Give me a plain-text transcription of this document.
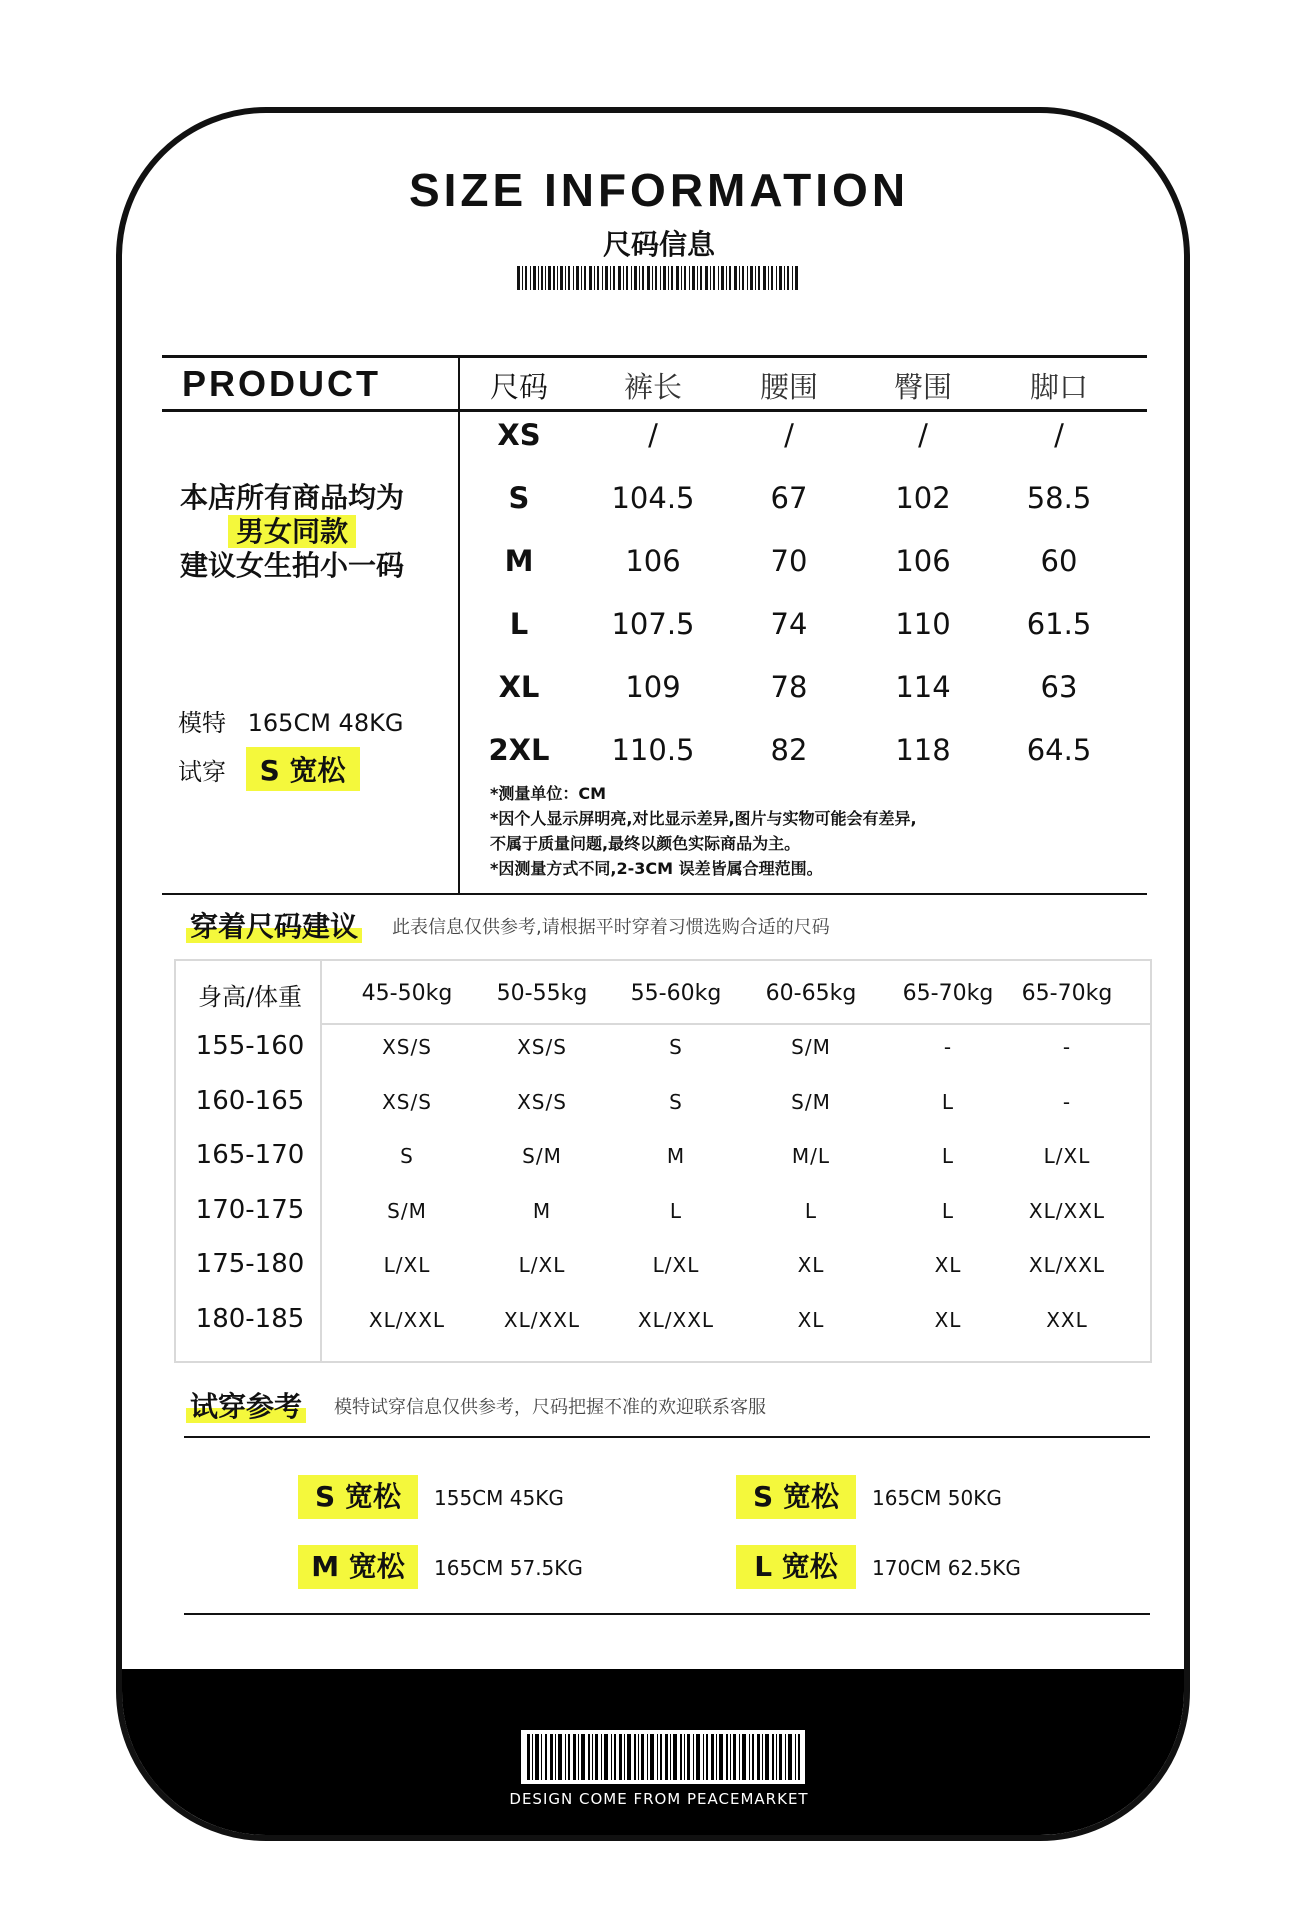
SIZE INFORMATION
尺码信息
PRODUCT	尺码	裤长	腰围	臀围	脚口
XS	/	/	/	/
S	104.5	67	102	58.5
M	106	70	106	60
L	107.5	74	110	61.5
XL	109	78	114	63
2XL	110.5	82	118	64.5
本店所有商品均为
男女同款
建议女生拍小一码
模特 165CM 48KG
试穿 S 宽松
*测量单位：CM
*因个人显示屏明亮,对比显示差异,图片与实物可能会有差异,
不属于质量问题,最终以颜色实际商品为主。
*因测量方式不同,2-3CM 误差皆属合理范围。
穿着尺码建议 此表信息仅供参考,请根据平时穿着习惯选购合适的尺码
身高/体重	45-50kg	50-55kg	55-60kg	60-65kg	65-70kg	65-70kg
155-160	XS/S	XS/S	S	S/M	-	-
160-165	XS/S	XS/S	S	S/M	L	-
165-170	S	S/M	M	M/L	L	L/XL
170-175	S/M	M	L	L	L	XL/XXL
175-180	L/XL	L/XL	L/XL	XL	XL	XL/XXL
180-185	XL/XXL	XL/XXL	XL/XXL	XL	XL	XXL
试穿参考 模特试穿信息仅供参考，尺码把握不准的欢迎联系客服
S 宽松	155CM 45KG	S 宽松	165CM 50KG
M 宽松	165CM 57.5KG	L 宽松	170CM 62.5KG
DESIGN COME FROM PEACEMARKET
